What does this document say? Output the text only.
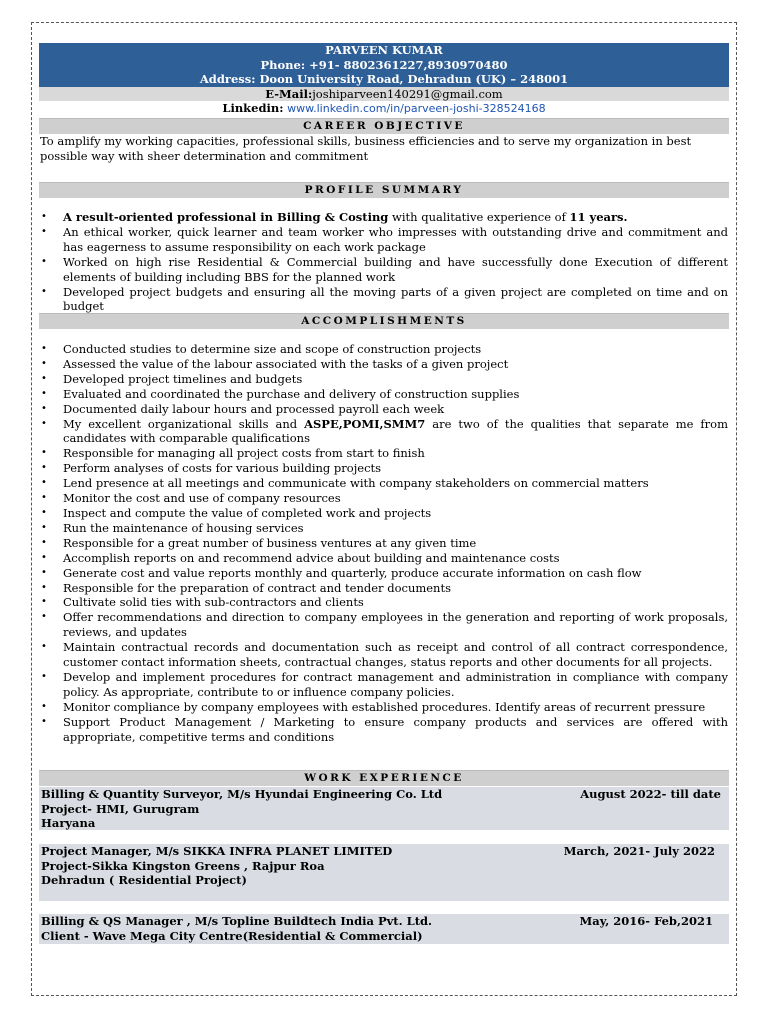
PARVEEN KUMAR
Phone: +91- 8802361227,8930970480
Address: Doon University Road, Dehradun (UK) – 248001
E-Mail:joshiparveen140291@gmail.com
Linkedin: www.linkedin.com/in/parveen-joshi-328524168
CAREER OBJECTIVE
To amplify my working capacities, professional skills, business efficiencies and to serve my organization in best possible way with sheer determination and commitment
PROFILE SUMMARY
• A result-oriented professional in Billing & Costing with qualitative experience of 11 years.
• An ethical worker, quick learner and team worker who impresses with outstanding drive and commitment and has eagerness to assume responsibility on each work package
• Worked on high rise Residential & Commercial building and have successfully done Execution of different elements of building including BBS for the planned work
• Developed project budgets and ensuring all the moving parts of a given project are completed on time and on budget
ACCOMPLISHMENTS
• Conducted studies to determine size and scope of construction projects
• Assessed the value of the labour associated with the tasks of a given project
• Developed project timelines and budgets
• Evaluated and coordinated the purchase and delivery of construction supplies
• Documented daily labour hours and processed payroll each week
• My excellent organizational skills and ASPE,POMI,SMM7 are two of the qualities that separate me from candidates with comparable qualifications
• Responsible for managing all project costs from start to finish
• Perform analyses of costs for various building projects
• Lend presence at all meetings and communicate with company stakeholders on commercial matters
• Monitor the cost and use of company resources
• Inspect and compute the value of completed work and projects
• Run the maintenance of housing services
• Responsible for a great number of business ventures at any given time
• Accomplish reports on and recommend advice about building and maintenance costs
• Generate cost and value reports monthly and quarterly, produce accurate information on cash flow
• Responsible for the preparation of contract and tender documents
• Cultivate solid ties with sub-contractors and clients
• Offer recommendations and direction to company employees in the generation and reporting of work proposals, reviews, and updates
• Maintain contractual records and documentation such as receipt and control of all contract correspondence, customer contact information sheets, contractual changes, status reports and other documents for all projects.
• Develop and implement procedures for contract management and administration in compliance with company policy. As appropriate, contribute to or influence company policies.
• Monitor compliance by company employees with established procedures. Identify areas of recurrent pressure
• Support Product Management / Marketing to ensure company products and services are offered with appropriate, competitive terms and conditions
WORK EXPERIENCE
Billing & Quantity Surveyor, M/s Hyundai Engineering Co. Ltd
Project- HMI, Gurugram
Haryana
August 2022- till date
Project Manager, M/s SIKKA INFRA PLANET LIMITED
Project-Sikka Kingston Greens , Rajpur Roa
Dehradun ( Residential Project)
March, 2021- July 2022
Billing & QS Manager , M/s Topline Buildtech India Pvt. Ltd.
Client - Wave Mega City Centre(Residential & Commercial)
May, 2016- Feb,2021
